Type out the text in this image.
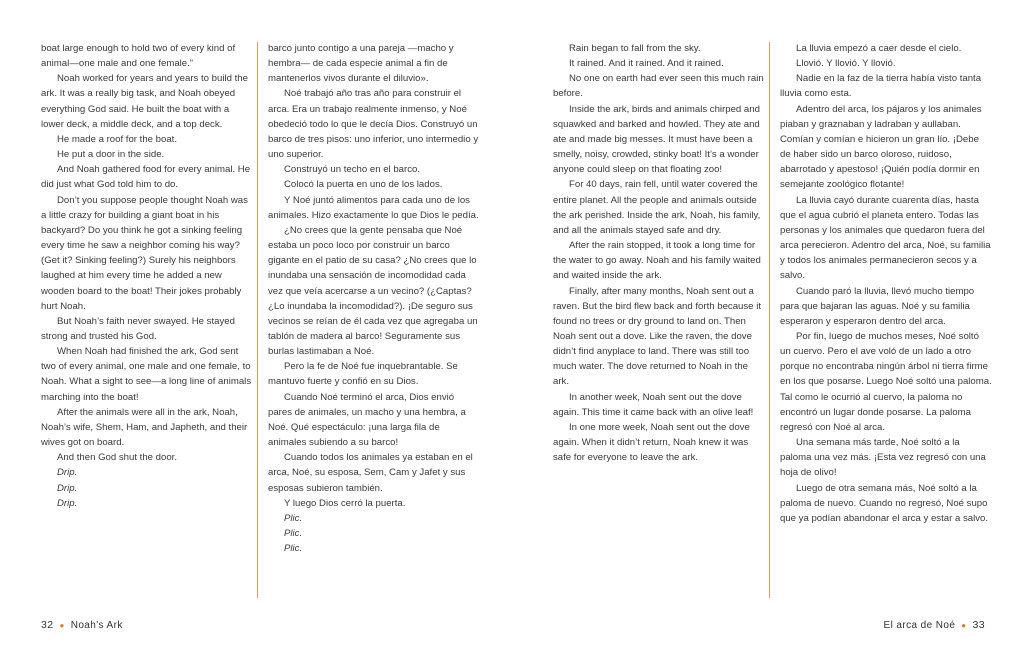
boat large enough to hold two of every kind of animal—one male and one female.”

Noah worked for years and years to build the ark. It was a really big task, and Noah obeyed everything God said. He built the boat with a lower deck, a middle deck, and a top deck.

He made a roof for the boat.

He put a door in the side.

And Noah gathered food for every animal. He did just what God told him to do.

Don’t you suppose people thought Noah was a little crazy for building a giant boat in his backyard? Do you think he got a sinking feeling every time he saw a neighbor coming his way? (Get it? Sinking feeling?) Surely his neighbors laughed at him every time he added a new wooden board to the boat! Their jokes probably hurt Noah.

But Noah’s faith never swayed. He stayed strong and trusted his God.

When Noah had finished the ark, God sent two of every animal, one male and one female, to Noah. What a sight to see—a long line of animals marching into the boat!

After the animals were all in the ark, Noah, Noah’s wife, Shem, Ham, and Japheth, and their wives got on board.

And then God shut the door.

Drip.

Drip.

Drip.

barco junto contigo a una pareja —macho y hembra— de cada especie animal a fin de mantenerlos vivos durante el diluvio».

Noé trabajó año tras año para construir el arca. Era un trabajo realmente inmenso, y Noé obedeció todo lo que le decía Dios. Construyó un barco de tres pisos: uno inferior, uno intermedio y uno superior.

Construyó un techo en el barco.

Colocó la puerta en uno de los lados.

Y Noé juntó alimentos para cada uno de los animales. Hizo exactamente lo que Dios le pedía.

¿No crees que la gente pensaba que Noé estaba un poco loco por construir un barco gigante en el patio de su casa? ¿No crees que lo inundaba una sensación de incomodidad cada vez que veía acercarse a un vecino? (¿Captas? ¿Lo inundaba la incomodidad?). ¡De seguro sus vecinos se reían de él cada vez que agregaba un tablón de madera al barco! Seguramente sus burlas lastimaban a Noé.

Pero la fe de Noé fue inquebrantable. Se mantuvo fuerte y confió en su Dios.

Cuando Noé terminó el arca, Dios envió pares de animales, un macho y una hembra, a Noé. Qué espectáculo: ¡una larga fila de animales subiendo a su barco!

Cuando todos los animales ya estaban en el arca, Noé, su esposa, Sem, Cam y Jafet y sus esposas subieron también.

Y luego Dios cerró la puerta.

Plic.

Plic.

Plic.

Rain began to fall from the sky.

It rained. And it rained. And it rained.

No one on earth had ever seen this much rain before.

Inside the ark, birds and animals chirped and squawked and barked and howled. They ate and ate and made big messes. It must have been a smelly, noisy, crowded, stinky boat! It’s a wonder anyone could sleep on that floating zoo!

For 40 days, rain fell, until water covered the entire planet. All the people and animals outside the ark perished. Inside the ark, Noah, his family, and all the animals stayed safe and dry.

After the rain stopped, it took a long time for the water to go away. Noah and his family waited and waited inside the ark.

Finally, after many months, Noah sent out a raven. But the bird flew back and forth because it found no trees or dry ground to land on. Then Noah sent out a dove. Like the raven, the dove didn’t find anyplace to land. There was still too much water. The dove returned to Noah in the ark.

In another week, Noah sent out the dove again. This time it came back with an olive leaf!

In one more week, Noah sent out the dove again. When it didn’t return, Noah knew it was safe for everyone to leave the ark.

La lluvia empezó a caer desde el cielo.

Llovió. Y llovió. Y llovió.

Nadie en la faz de la tierra había visto tanta lluvia como esta.

Adentro del arca, los pájaros y los animales piaban y graznaban y ladraban y aullaban. Comían y comían e hicieron un gran lío. ¡Debe de haber sido un barco oloroso, ruidoso, abarrotado y apestoso! ¡Quién podía dormir en semejante zoológico flotante!

La lluvia cayó durante cuarenta días, hasta que el agua cubrió el planeta entero. Todas las personas y los animales que quedaron fuera del arca perecieron. Adentro del arca, Noé, su familia y todos los animales permanecieron secos y a salvo.

Cuando paró la lluvia, llevó mucho tiempo para que bajaran las aguas. Noé y su familia esperaron y esperaron dentro del arca.

Por fin, luego de muchos meses, Noé soltó un cuervo. Pero el ave voló de un lado a otro porque no encontraba ningún árbol ni tierra firme en los que posarse. Luego Noé soltó una paloma. Tal como le ocurrió al cuervo, la paloma no encontró un lugar donde posarse. La paloma regresó con Noé al arca.

Una semana más tarde, Noé soltó a la paloma una vez más. ¡Esta vez regresó con una hoja de olivo!

Luego de otra semana más, Noé soltó a la paloma de nuevo. Cuando no regresó, Noé supo que ya podían abandonar el arca y estar a salvo.

32 ● Noah's Ark	El arca de Noé ● 33
